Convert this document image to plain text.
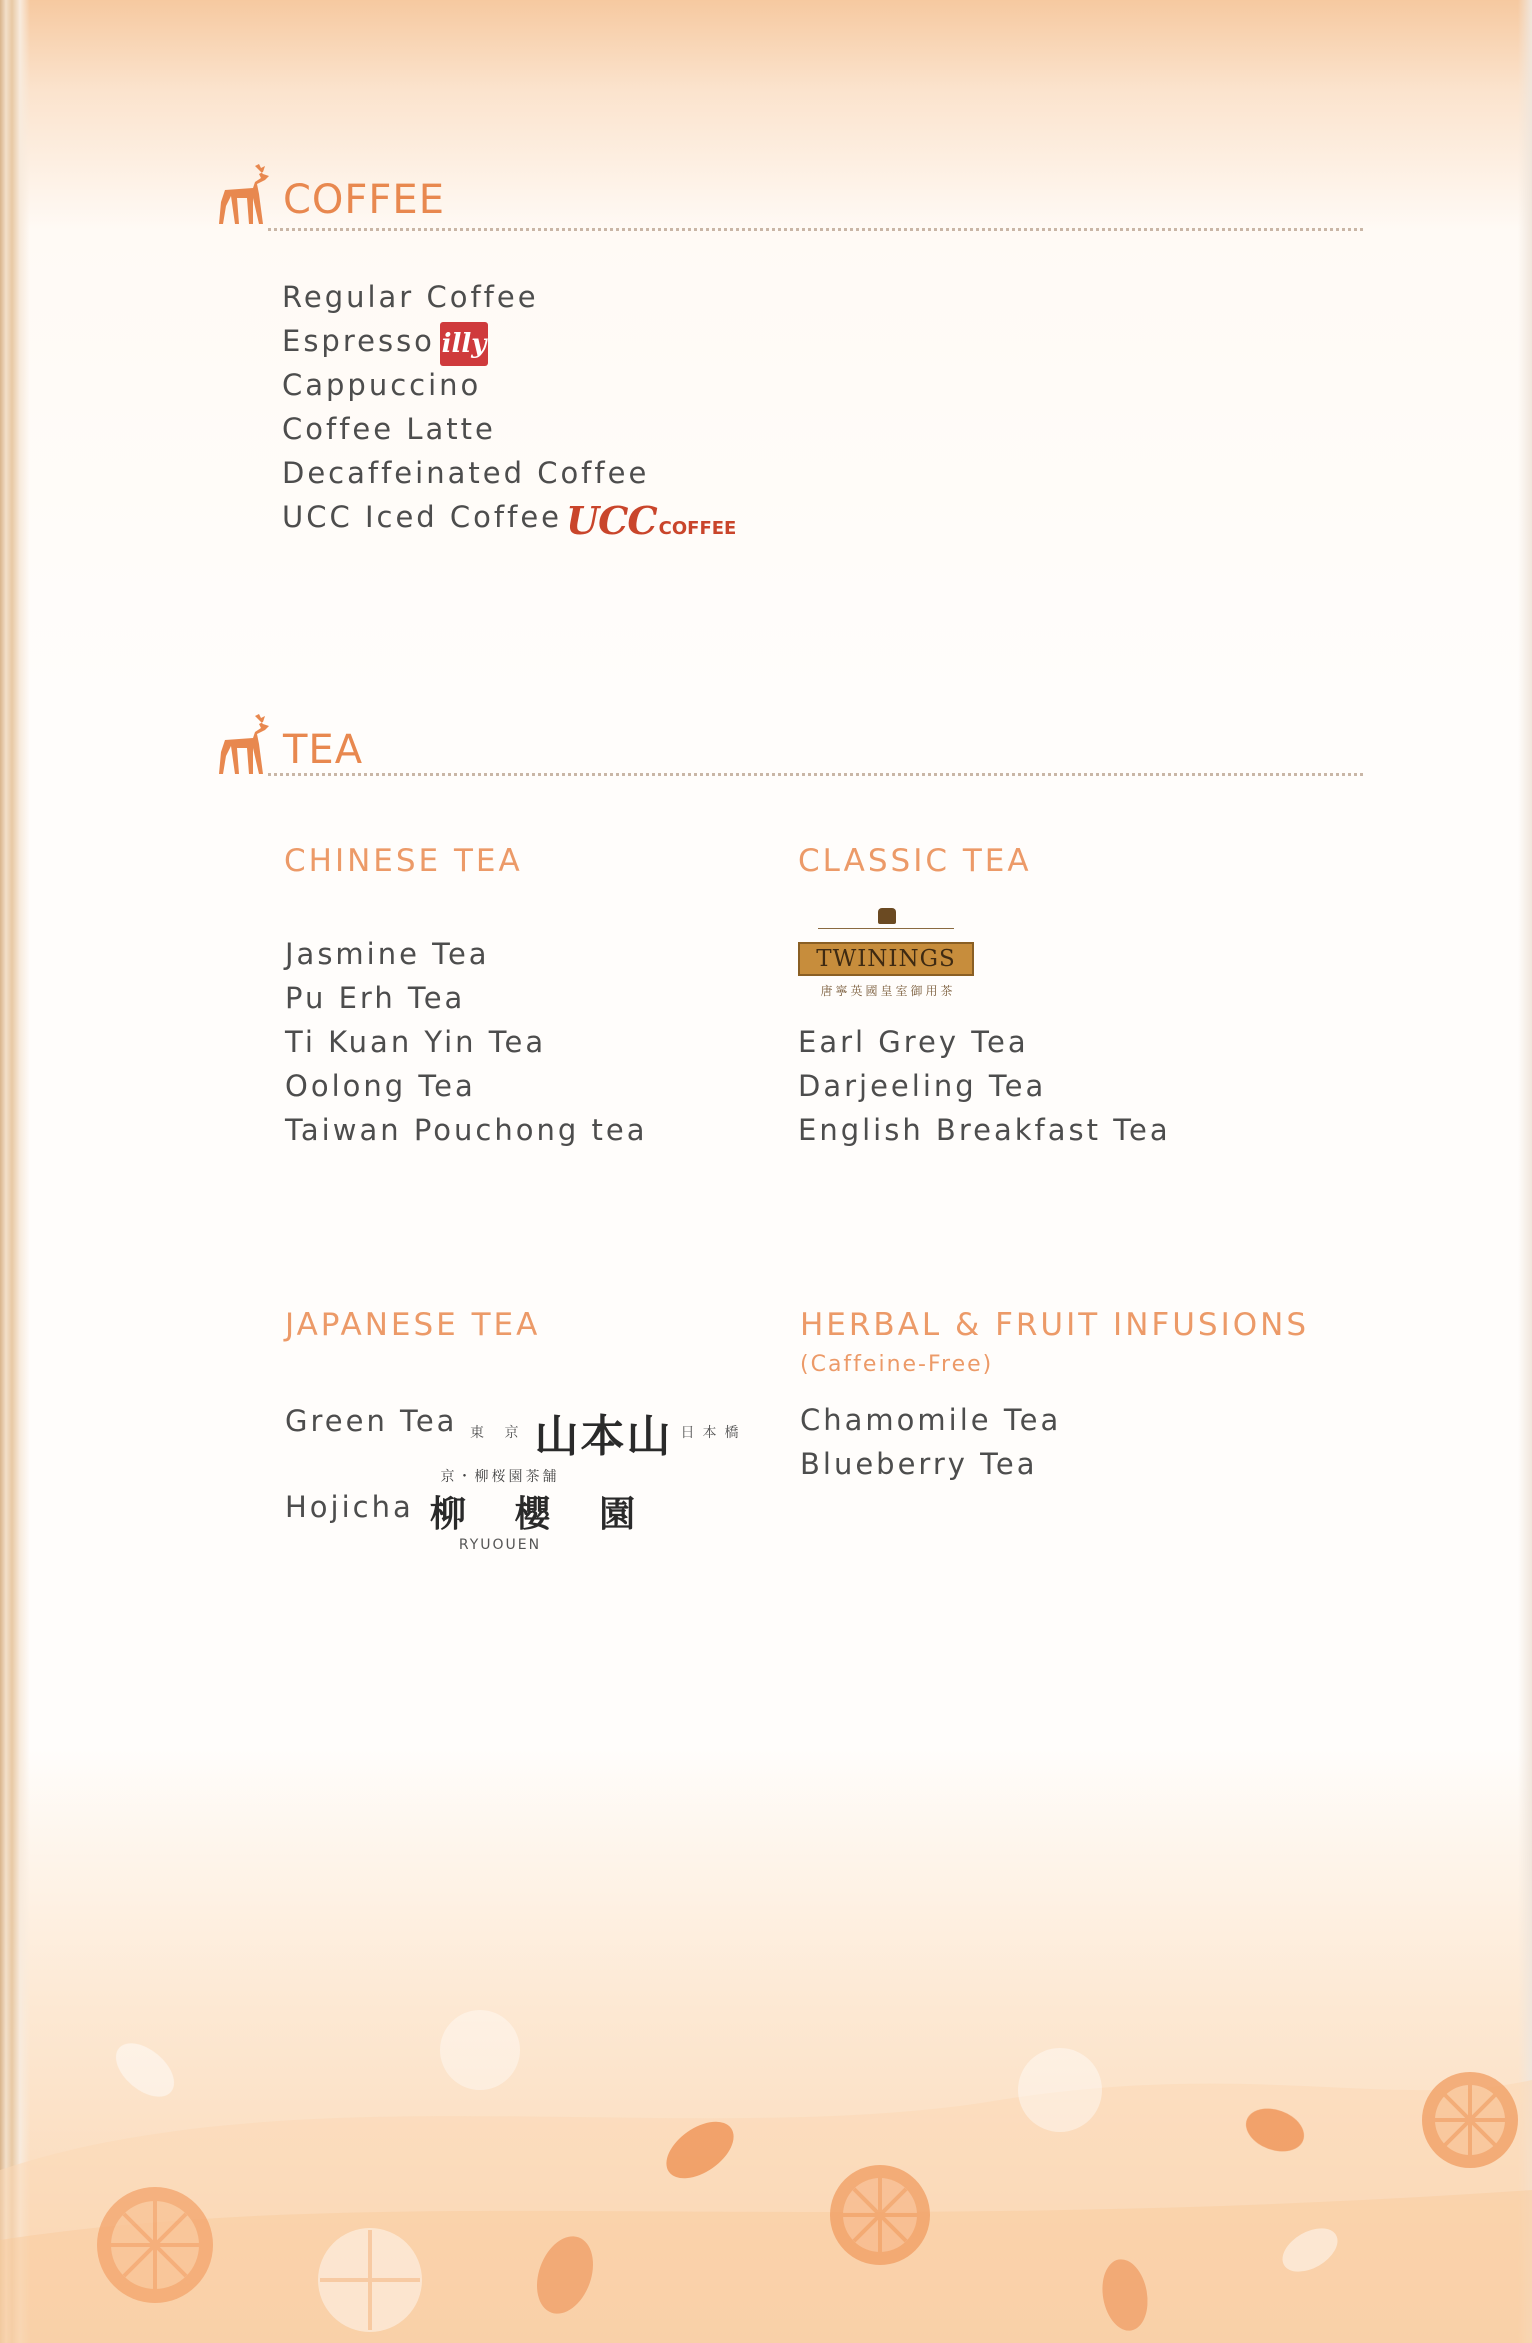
COFFEE
Regular Coffee
Espresso illy
Cappuccino
Coffee Latte
Decaffeinated Coffee
UCC Iced Coffee UCC COFFEE
TEA
CHINESE TEA
Jasmine Tea
Pu Erh Tea
Ti Kuan Yin Tea
Oolong Tea
Taiwan Pouchong tea
CLASSIC TEA
TWININGS
唐寧英國皇室御用茶
Earl Grey Tea
Darjeeling Tea
English Breakfast Tea
JAPANESE TEA
Green Tea 東 京 山本山 日本橋
Hojicha
京・柳桜園茶舗
柳 櫻 園
RYUOUEN
HERBAL & FRUIT INFUSIONS
(Caffeine-Free)
Chamomile Tea
Blueberry Tea
